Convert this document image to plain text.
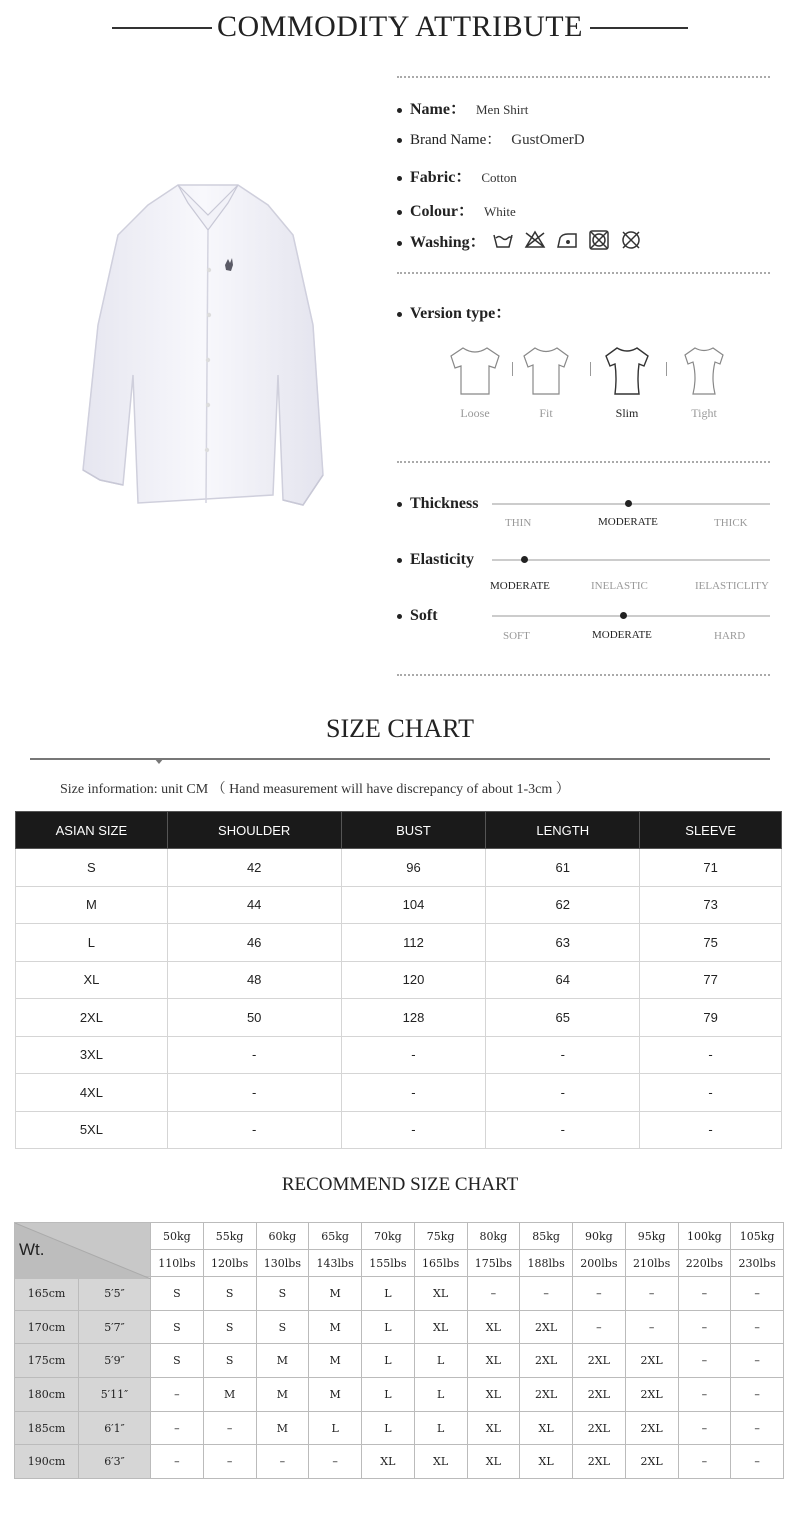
COMMODITY ATTRIBUTE
Name： Men Shirt
Brand Name： GustOmerD
Fabric： Cotton
Colour： White
Washing：
Version type：
Loose	Fit	Slim	Tight
Thickness
THIN	MODERATE	THICK
Elasticity
MODERATE	INELASTIC	IELASTICLITY
Soft
SOFT	MODERATE	HARD
SIZE CHART
Size information: unit CM （ Hand measurement will have discrepancy of about 1-3cm ）
ASIAN SIZE	SHOULDER	BUST	LENGTH	SLEEVE
S	42	96	61	71
M	44	104	62	73
L	46	112	63	75
XL	48	120	64	77
2XL	50	128	65	79
3XL	-	-	-	-
4XL	-	-	-	-
5XL	-	-	-	-
RECOMMEND SIZE CHART
Wt.		50kg	55kg	60kg	65kg	70kg	75kg	80kg	85kg	90kg	95kg	100kg	105kg
		110lbs	120lbs	130lbs	143lbs	155lbs	165lbs	175lbs	188lbs	200lbs	210lbs	220lbs	230lbs
165cm	5′5″	S	S	S	M	L	XL	–	–	–	–	–	–
170cm	5′7″	S	S	S	M	L	XL	XL	2XL	–	–	–	–
175cm	5′9″	S	S	M	M	L	L	XL	2XL	2XL	2XL	–	–
180cm	5′11″	–	M	M	M	L	L	XL	2XL	2XL	2XL	–	–
185cm	6′1″	–	–	M	L	L	L	XL	XL	2XL	2XL	–	–
190cm	6′3″	–	–	–	–	XL	XL	XL	XL	2XL	2XL	–	–
